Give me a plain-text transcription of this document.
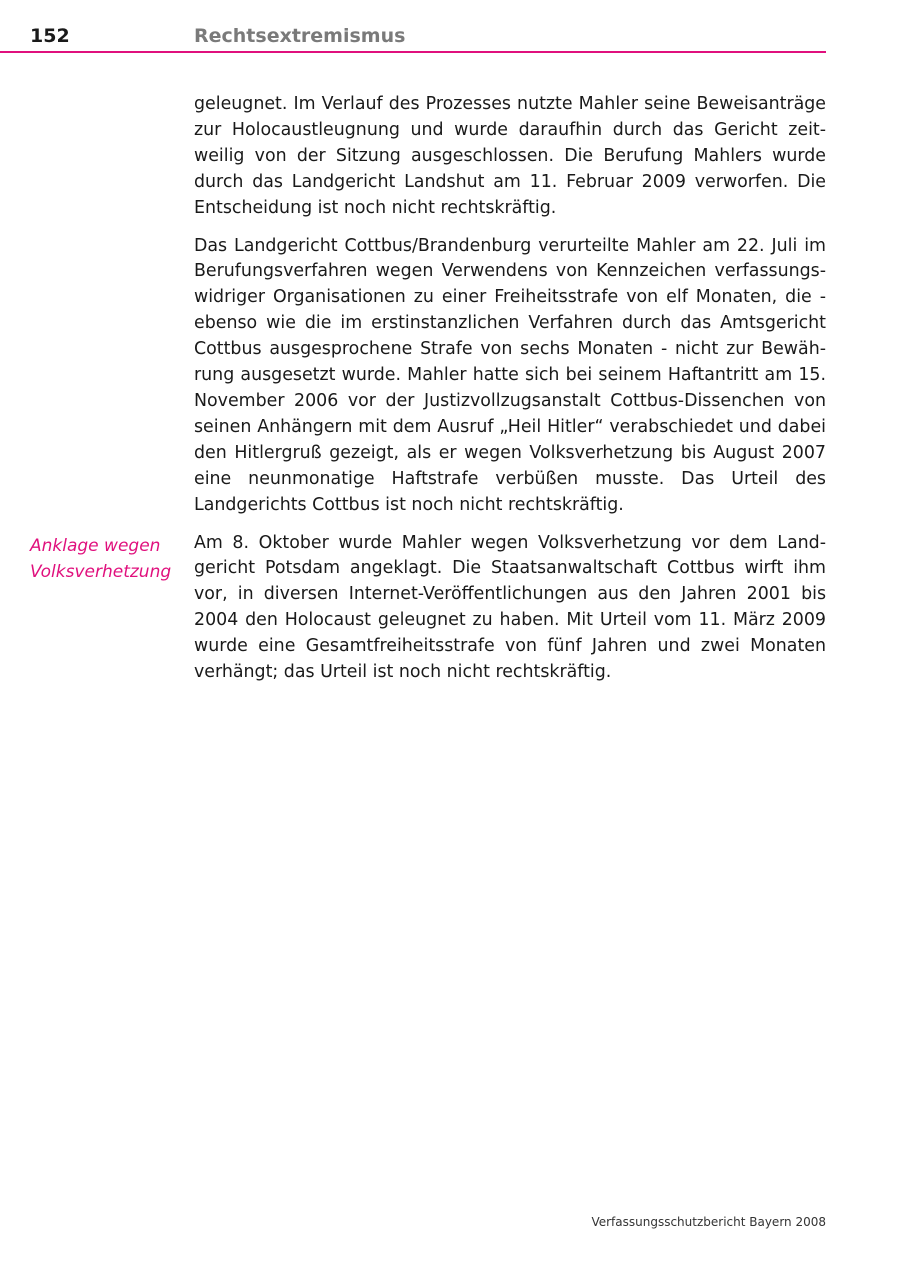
152	Rechtsextremismus
Anklage wegen
Volksverhetzung

geleugnet. Im Verlauf des Prozesses nutzte Mahler seine Beweisanträge zur Holocaustleugnung und wurde daraufhin durch das Gericht zeitweilig von der Sitzung ausgeschlossen. Die Berufung Mahlers wurde durch das Landgericht Landshut am 11. Februar 2009 verworfen. Die Entscheidung ist noch nicht rechtskräftig.

Das Landgericht Cottbus/Brandenburg verurteilte Mahler am 22. Juli im Berufungsverfahren wegen Verwendens von Kennzeichen verfassungswidriger Organisationen zu einer Freiheitsstrafe von elf Monaten, die - ebenso wie die im erstinstanzlichen Verfahren durch das Amtsgericht Cottbus ausgesprochene Strafe von sechs Monaten - nicht zur Bewährung ausgesetzt wurde. Mahler hatte sich bei seinem Haftantritt am 15. November 2006 vor der Justizvollzugsanstalt Cottbus-Dissenchen von seinen Anhängern mit dem Ausruf „Heil Hitler“ verabschiedet und dabei den Hitlergruß gezeigt, als er wegen Volksverhetzung bis August 2007 eine neunmonatige Haftstrafe verbüßen musste. Das Urteil des Landgerichts Cottbus ist noch nicht rechtskräftig.

Am 8. Oktober wurde Mahler wegen Volksverhetzung vor dem Landgericht Potsdam angeklagt. Die Staatsanwaltschaft Cottbus wirft ihm vor, in diversen Internet-Veröffentlichungen aus den Jahren 2001 bis 2004 den Holocaust geleugnet zu haben. Mit Urteil vom 11. März 2009 wurde eine Gesamtfreiheitsstrafe von fünf Jahren und zwei Monaten verhängt; das Urteil ist noch nicht rechtskräftig.

Verfassungsschutzbericht Bayern 2008
